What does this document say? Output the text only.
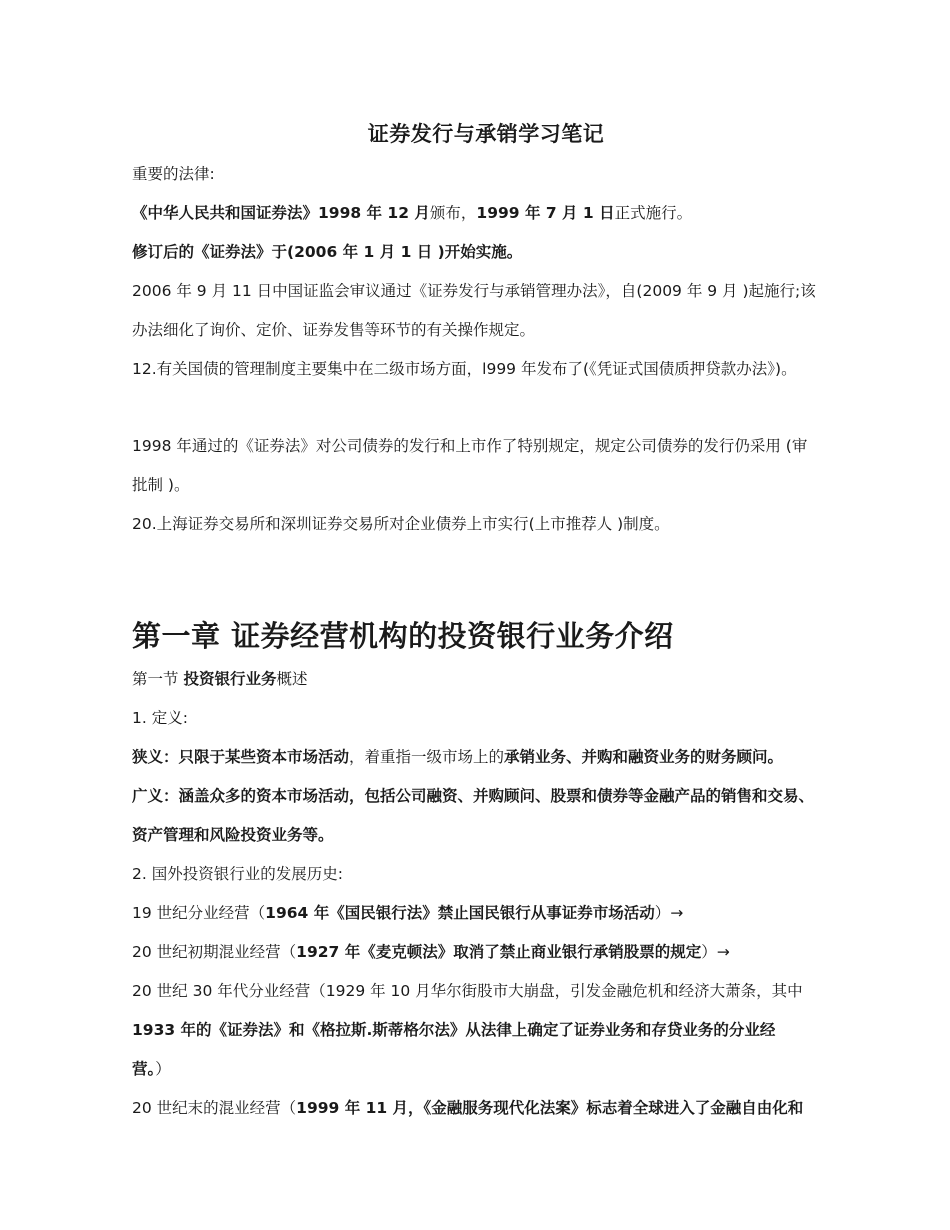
证券发行与承销学习笔记

重要的法律:

《中华人民共和国证券法》1998 年 12 月颁布，1999 年 7 月 1 日正式施行。

修订后的《证券法》于(2006 年 1 月 1 日 )开始实施。

2006 年 9 月 11 日中国证监会审议通过《证券发行与承销管理办法》，自(2009 年 9 月 )起施行;该

办法细化了询价、定价、证券发售等环节的有关操作规定。

12.有关国债的管理制度主要集中在二级市场方面，l999 年发布了(《凭证式国债质押贷款办法》)。

1998 年通过的《证券法》对公司债券的发行和上市作了特别规定，规定公司债券的发行仍采用 (审

批制 )。

20.上海证券交易所和深圳证券交易所对企业债券上市实行(上市推荐人 )制度。

第一章 证券经营机构的投资银行业务介绍

第一节 投资银行业务概述

1. 定义:

狭义：只限于某些资本市场活动，着重指一级市场上的承销业务、并购和融资业务的财务顾问。

广义：涵盖众多的资本市场活动，包括公司融资、并购顾问、股票和债券等金融产品的销售和交易、

资产管理和风险投资业务等。

2. 国外投资银行业的发展历史:

19 世纪分业经营（1964 年《国民银行法》禁止国民银行从事证券市场活动）→

20 世纪初期混业经营（1927 年《麦克顿法》取消了禁止商业银行承销股票的规定）→

20 世纪 30 年代分业经营（1929 年 10 月华尔街股市大崩盘，引发金融危机和经济大萧条，其中

1933 年的《证券法》和《格拉斯.斯蒂格尔法》从法律上确定了证券业务和存贷业务的分业经

营。）

20 世纪末的混业经营（1999 年 11 月，《金融服务现代化法案》标志着全球进入了金融自由化和
